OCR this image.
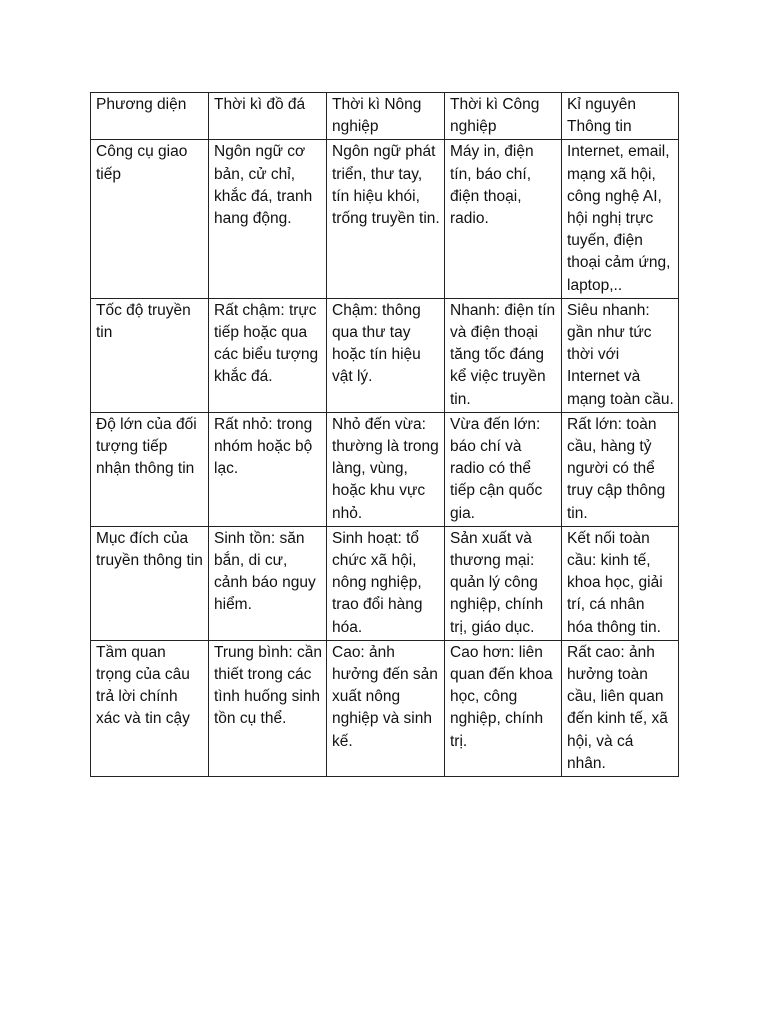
Phương diện	Thời kì đồ đá	Thời kì Nông nghiệp	Thời kì Công nghiệp	Kỉ nguyên Thông tin
Công cụ giao tiếp	Ngôn ngữ cơ bản, cử chỉ, khắc đá, tranh hang động.	Ngôn ngữ phát triển, thư tay, tín hiệu khói, trống truyền tin.	Máy in, điện tín, báo chí, điện thoại, radio.	Internet, email, mạng xã hội, công nghệ AI, hội nghị trực tuyến, điện thoại cảm ứng, laptop,..
Tốc độ truyền tin	Rất chậm: trực tiếp hoặc qua các biểu tượng khắc đá.	Chậm: thông qua thư tay hoặc tín hiệu vật lý.	Nhanh: điện tín và điện thoại tăng tốc đáng kể việc truyền tin.	Siêu nhanh: gần như tức thời với Internet và mạng toàn cầu.
Độ lớn của đối tượng tiếp nhận thông tin	Rất nhỏ: trong nhóm hoặc bộ lạc.	Nhỏ đến vừa: thường là trong làng, vùng, hoặc khu vực nhỏ.	Vừa đến lớn: báo chí và radio có thể tiếp cận quốc gia.	Rất lớn: toàn cầu, hàng tỷ người có thể truy cập thông tin.
Mục đích của truyền thông tin	Sinh tồn: săn bắn, di cư, cảnh báo nguy hiểm.	Sinh hoạt: tổ chức xã hội, nông nghiệp, trao đổi hàng hóa.	Sản xuất và thương mại: quản lý công nghiệp, chính trị, giáo dục.	Kết nối toàn cầu: kinh tế, khoa học, giải trí, cá nhân hóa thông tin.
Tầm quan trọng của câu trả lời chính xác và tin cậy	Trung bình: cần thiết trong các tình huống sinh tồn cụ thể.	Cao: ảnh hưởng đến sản xuất nông nghiệp và sinh kế.	Cao hơn: liên quan đến khoa học, công nghiệp, chính trị.	Rất cao: ảnh hưởng toàn cầu, liên quan đến kinh tế, xã hội, và cá nhân.
